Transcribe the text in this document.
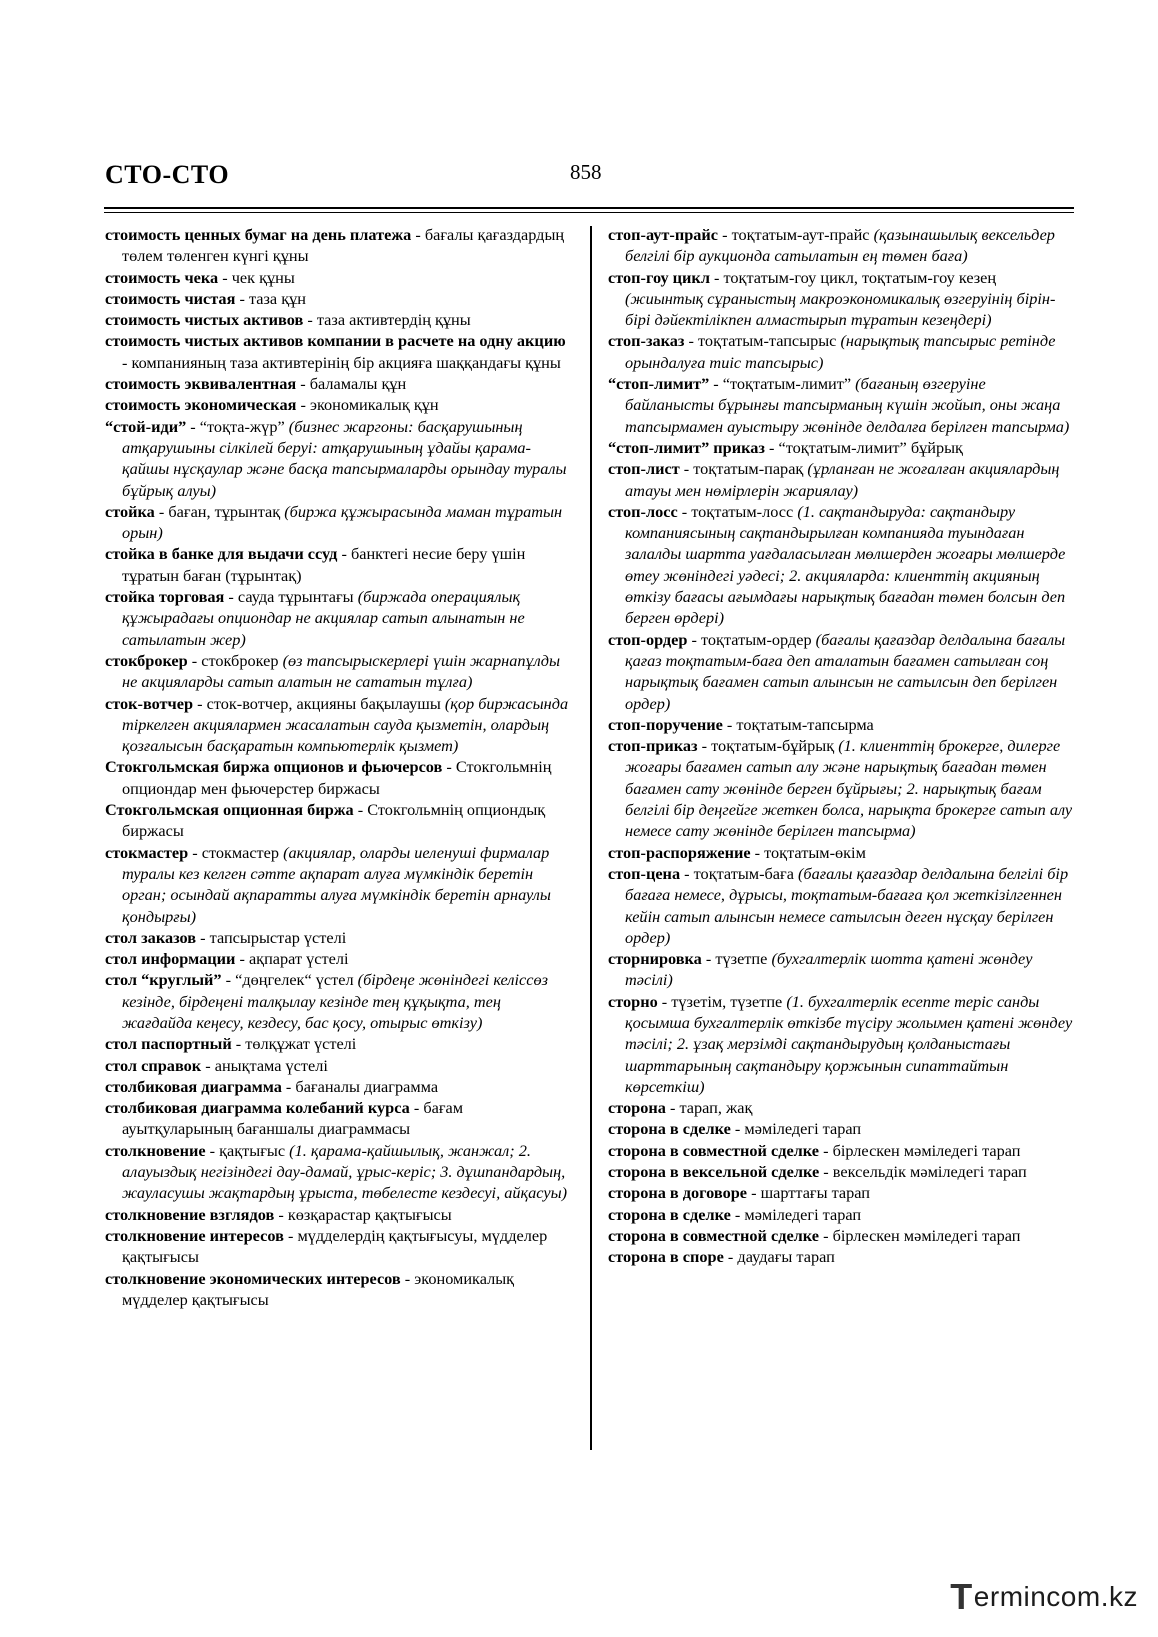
СТО-СТО	858

стоимость ценных бумаг на день платежа - бағалы қағаздардың төлем төленген күнгі құны

стоимость чека - чек құны

стоимость чистая - таза құн

стоимость чистых активов - таза активтердің құны

стоимость чистых активов компании в расчете на одну акцию - компанияның таза активтерінің бір акцияға шаққандағы құны

стоимость эквивалентная - баламалы құн

стоимость экономическая - экономикалық құн

“стой-иди” - “тоқта-жүр” (бизнес жаргоны: басқарушының атқарушыны сілкілей беруі: атқарушының ұдайы қарама-қайшы нұсқаулар және басқа тапсырмаларды орындау туралы бұйрық алуы)

стойка - баған, тұрынтақ (биржа құжырасында маман тұратын орын)

стойка в банке для выдачи ссуд - банктегі несие беру үшін тұратын баған (тұрынтақ)

стойка торговая - сауда тұрынтағы (биржада операциялық құжырадағы опциондар не акциялар сатып алынатын не сатылатын жер)

стокброкер - стокброкер (өз тапсырыскерлері үшін жарнапұлды не акцияларды сатып алатын не сататын тұлға)

сток-вотчер - сток-вотчер, акцияны бақылаушы (қор биржасында тіркелген акциялармен жасалатын сауда қызметін, олардың қозғалысын басқаратын компьютерлік қызмет)

Стокгольмская биржа опционов и фьючерсов - Стокгольмнің опциондар мен фьючерстер биржасы

Стокгольмская опционная биржа - Стокгольмнің опциондық биржасы

стокмастер - стокмастер (акциялар, оларды иеленуші фирмалар туралы кез келген сәтте ақпарат алуға мүмкіндік беретін орган; осындай ақпаратты алуға мүмкіндік беретін арнаулы қондырғы)

стол заказов - тапсырыстар үстелі

стол информации - ақпарат үстелі

стол “круглый” - “дөңгелек“ үстел (бірдеңе жөніндегі келіссөз кезінде, бірдеңені талқылау кезінде тең құқықта, тең жағдайда кеңесу, кездесу, бас қосу, отырыс өткізу)

стол паспортный - төлқұжат үстелі

стол справок - анықтама үстелі

столбиковая диаграмма - бағаналы диаграмма

столбиковая диаграмма колебаний курса - бағам ауытқуларының бағаншалы диаграммасы

столкновение - қақтығыс (1. қарама-қайшылық, жанжал; 2. алауыздық негізіндегі дау-дамай, ұрыс-керіс; 3. дұшпандардың, жауласушы жақтардың ұрыста, төбелесте кездесуі, айқасуы)

столкновение взглядов - көзқарастар қақтығысы

столкновение интересов - мүдделердің қақтығысуы, мүдделер қақтығысы

столкновение экономических интересов - экономикалық мүдделер қақтығысы

стоп-аут-прайс - тоқтатым-аут-прайс (қазынашылық вексельдер белгілі бір аукционда сатылатын ең төмен баға)

стоп-гоу цикл - тоқтатым-гоу цикл, тоқтатым-гоу кезең (жиынтық сұраныстың макроэкономикалық өзгеруінің бірін-бірі дәйектілікпен алмастырып тұратын кезеңдері)

стоп-заказ - тоқтатым-тапсырыс (нарықтық тапсырыс ретінде орындалуға тиіс тапсырыс)

“стоп-лимит” - “тоқтатым-лимит” (бағаның өзгеруіне байланысты бұрынғы тапсырманың күшін жойып, оны жаңа тапсырмамен ауыстыру жөнінде делдалға берілген тапсырма)

“стоп-лимит” приказ - “тоқтатым-лимит” бұйрық

стоп-лист - тоқтатым-парақ (ұрланған не жоғалған акциялардың атауы мен нөмірлерін жариялау)

стоп-лосс - тоқтатым-лосс (1. сақтандыруда: сақтандыру компаниясының сақтандырылған компанияда туындаған залалды шартта уағдаласылған мөлшерден жоғары мөлшерде өтеу жөніндегі уәдесі; 2. акцияларда: клиенттің акцияның өткізу бағасы ағымдағы нарықтық бағадан төмен болсын деп берген өрдері)

стоп-ордер - тоқтатым-ордер (бағалы қағаздар делдалына бағалы қағаз тоқтатым-баға деп аталатын бағамен сатылған соң нарықтық бағамен сатып алынсын не сатылсын деп берілген ордер)

стоп-поручение - тоқтатым-тапсырма

стоп-приказ - тоқтатым-бұйрық (1. клиенттің брокерге, дилерге жоғары бағамен сатып алу және нарықтық бағадан төмен бағамен сату жөнінде берген бұйрығы; 2. нарықтық бағам белгілі бір деңгейге жеткен болса, нарықта брокерге сатып алу немесе сату жөнінде берілген тапсырма)

стоп-распоряжение - тоқтатым-өкім

стоп-цена - тоқтатым-баға (бағалы қағаздар делдалына белгілі бір бағаға немесе, дұрысы, тоқтатым-бағаға қол жеткізілгеннен кейін сатып алынсын немесе сатылсын деген нұсқау берілген ордер)

сторнировка - түзетпе (бухгалтерлік шотта қатені жөндеу тәсілі)

сторно - түзетім, түзетпе (1. бухгалтерлік есепте теріс санды қосымша бухгалтерлік өткізбе түсіру жолымен қатені жөндеу тәсілі; 2. ұзақ мерзімді сақтандырудың қолданыстағы шарттарының сақтандыру қоржынын сипаттайтын көрсеткіш)

сторона - тарап, жақ

сторона в сделке - мәміледегі тарап

сторона в совместной сделке - бірлескен мәміледегі тарап

сторона в вексельной сделке - вексельдік мәміледегі тарап

сторона в договоре - шарттағы тарап

сторона в сделке - мәміледегі тарап

сторона в совместной сделке - бірлескен мәміледегі тарап

сторона в споре - даудағы тарап

T ermincom.kz
